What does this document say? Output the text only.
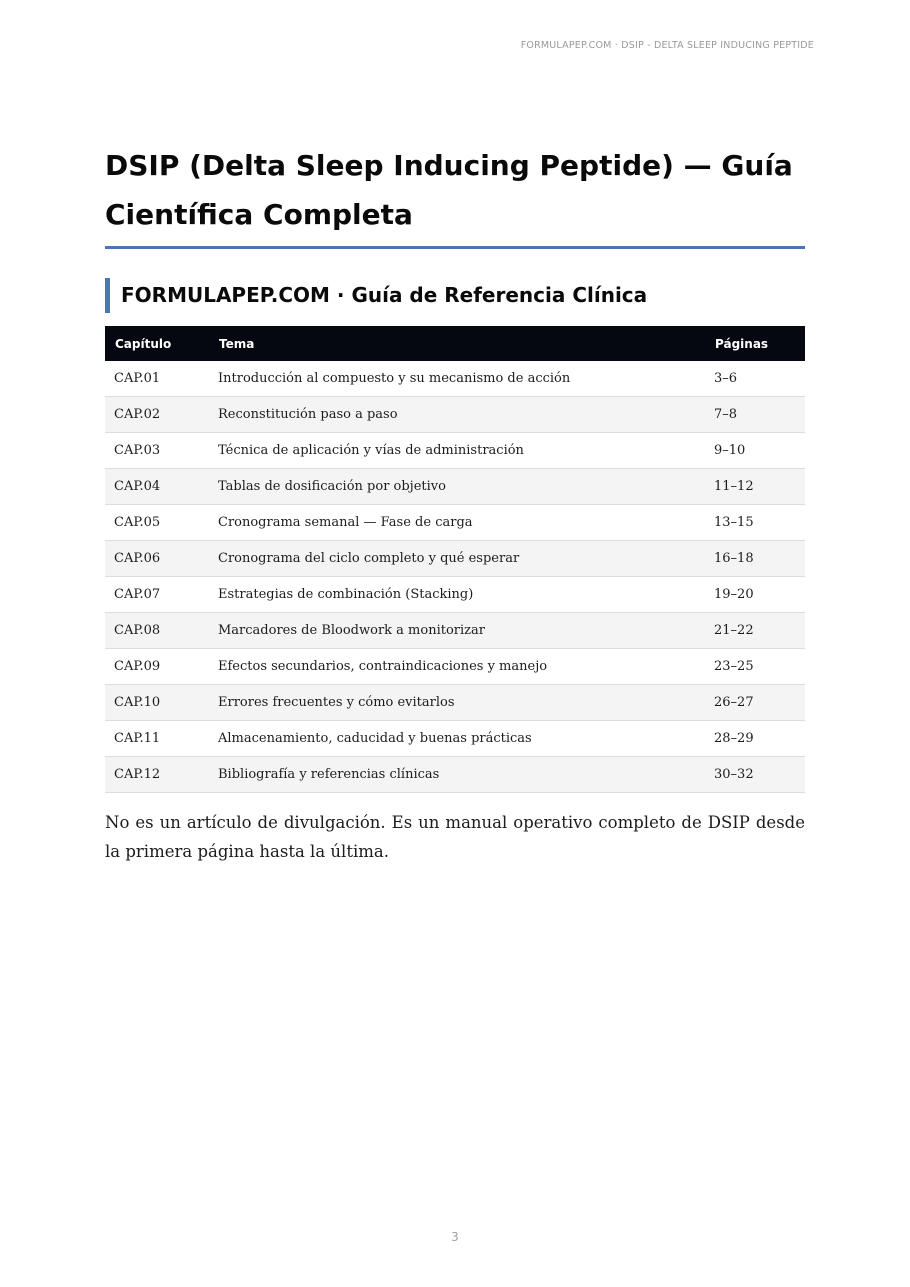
FORMULAPEP.COM · DSIP - DELTA SLEEP INDUCING PEPTIDE
DSIP (Delta Sleep Inducing Peptide) — Guía Científica Completa
FORMULAPEP.COM · Guía de Referencia Clínica
Capítulo	Tema	Páginas
CAP.01	Introducción al compuesto y su mecanismo de acción	3–6
CAP.02	Reconstitución paso a paso	7–8
CAP.03	Técnica de aplicación y vías de administración	9–10
CAP.04	Tablas de dosificación por objetivo	11–12
CAP.05	Cronograma semanal — Fase de carga	13–15
CAP.06	Cronograma del ciclo completo y qué esperar	16–18
CAP.07	Estrategias de combinación (Stacking)	19–20
CAP.08	Marcadores de Bloodwork a monitorizar	21–22
CAP.09	Efectos secundarios, contraindicaciones y manejo	23–25
CAP.10	Errores frecuentes y cómo evitarlos	26–27
CAP.11	Almacenamiento, caducidad y buenas prácticas	28–29
CAP.12	Bibliografía y referencias clínicas	30–32

No es un artículo de divulgación. Es un manual operativo completo de DSIP desde la primera página hasta la última.

3
